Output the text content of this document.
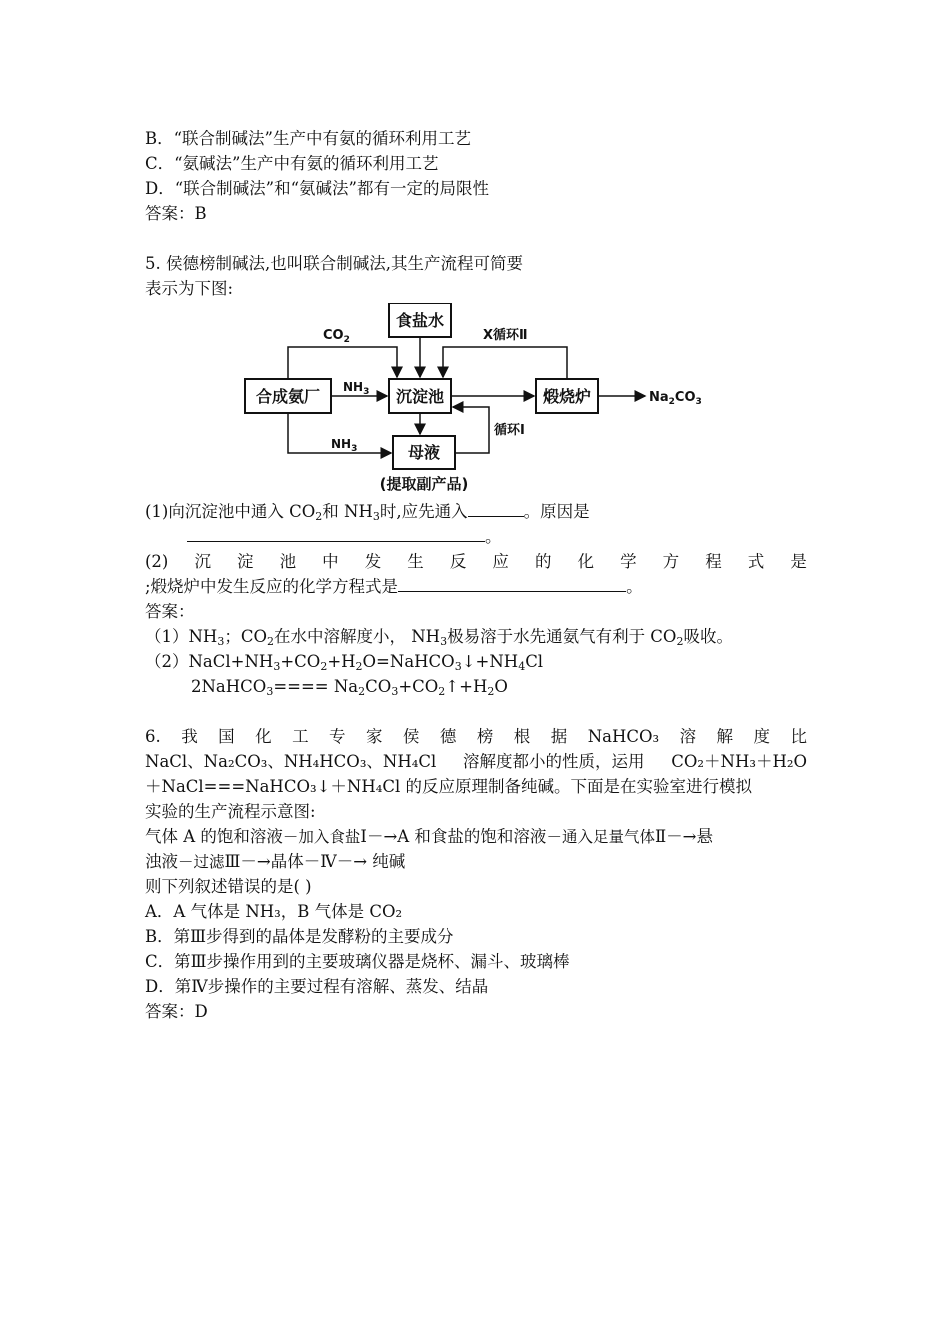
B．“联合制碱法”生产中有氨的循环利用工艺
C．“氨碱法”生产中有氨的循环利用工艺
D．“联合制碱法”和“氨碱法”都有一定的局限性
答案：B
5. 侯德榜制碱法,也叫联合制碱法,其生产流程可简要
表示为下图:
食盐水
合成氨厂	沉淀池	煅烧炉
母液
$CO_2$	X循环Ⅱ
$NH_3$
$NH_3$
循环Ⅰ
$Na_2CO_3$
(提取副产品)
(1)向沉淀池中通入 $CO_2$和 $NH_3$时,应先通入	。原因是
。
(2) 沉 淀 池 中 发 生 反 应 的 化 学 方 程 式 是
;煅烧炉中发生反应的化学方程式是	。
答案：
$(1)NH_3$；$CO_2$在水中溶解度小， $NH_3$极易溶于水先通氨气有利于 $CO_2$吸收。
$(2)NaCl+NH_3+CO_2+H_2O=NaHCO_3↓+NH_4Cl$
2NaHCO$_3$==== $Na_2CO_3+CO_2↑+H_2O$
6. 我 国 化 工 专 家 侯 德 榜 根 据 NaHCO₃ 溶 解 度 比
NaCl、Na₂CO₃、NH₄HCO₃、NH₄Cl 溶解度都小的性质，运用 CO₂＋NH₃＋H₂O
＋NaCl===NaHCO₃↓＋NH₄Cl 的反应原理制备纯碱。下面是在实验室进行模拟
实验的生产流程示意图:
气体 A 的饱和溶液－加入食盐Ⅰ－→A 和食盐的饱和溶液－通入足量气体Ⅱ－→悬
浊液－过滤Ⅲ－→晶体－Ⅳ－→ 纯碱
则下列叙述错误的是( )
A．A 气体是 NH₃，B 气体是 CO₂
B．第Ⅲ步得到的晶体是发酵粉的主要成分
C．第Ⅲ步操作用到的主要玻璃仪器是烧杯、漏斗、玻璃棒
D．第Ⅳ步操作的主要过程有溶解、蒸发、结晶
答案：D
